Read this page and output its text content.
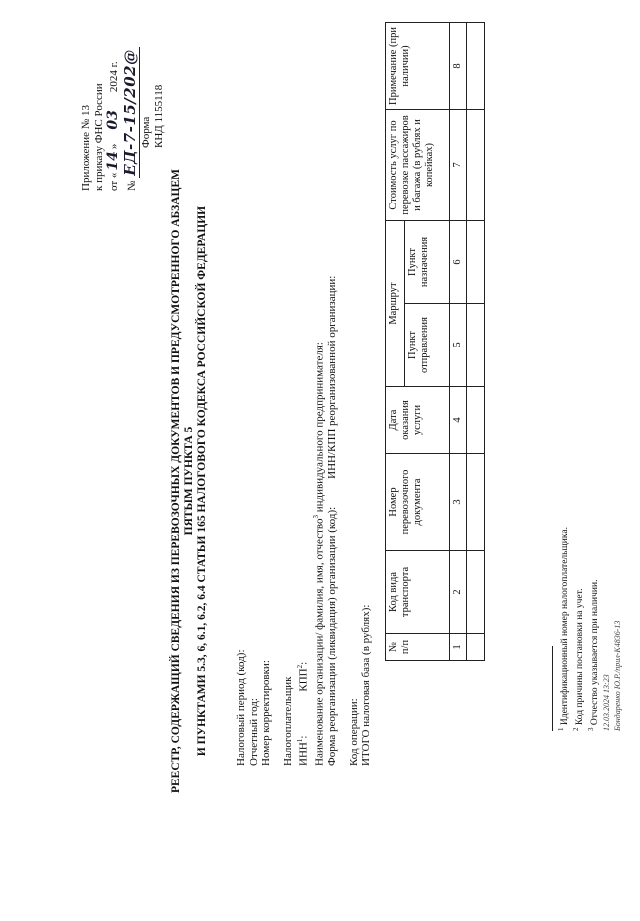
Приложение № 13 к приказу ФНС России от «14»032024 г.
№ ЕД-7-15/202@ Форма КНД 1155118
РЕЕСТР, СОДЕРЖАЩИЙ СВЕДЕНИЯ ИЗ ПЕРЕВОЗОЧНЫХ ДОКУМЕНТОВ И ПРЕДУСМОТРЕННОГО АБЗАЦЕМ ПЯТЫМ ПУНКТА 5 И ПУНКТАМИ 5.3, 6, 6.1, 6.2, 6.4 СТАТЬИ 165 НАЛОГОВОГО КОДЕКСА РОССИЙСКОЙ ФЕДЕРАЦИИ Налоговый период (код): Отчетный год: Номер корректировки: Налогоплательщик ИНН$^1$:КПП$^2$: Наименование организации/ фамилия, имя, отчество$^3$ индивидуального предпринимателя:
Форма реорганизации (ликвидация) организации (код):ИНН/КПП реорганизованной организации:
Код операции: ИТОГО налоговая база (в рублях): № п/п	Код вида транспорта	Номер перевозочного документа	Дата оказания услуги	Маршрут		Стоимость услуг по перевозке пассажиров и багажа (в рублях и копейках)	Примечание (при наличии)
				Пункт отправления	Пункт назначения		
1	2	3	4	5	6	7	8

$^1$ Идентификационный номер налогоплательщика.
$^2$ Код причины постановки на учет.
$^3$ Отчество указывается при наличии. 12.03.2024 13:23 Бондаренко Ю.Р./прил-К4836-13
